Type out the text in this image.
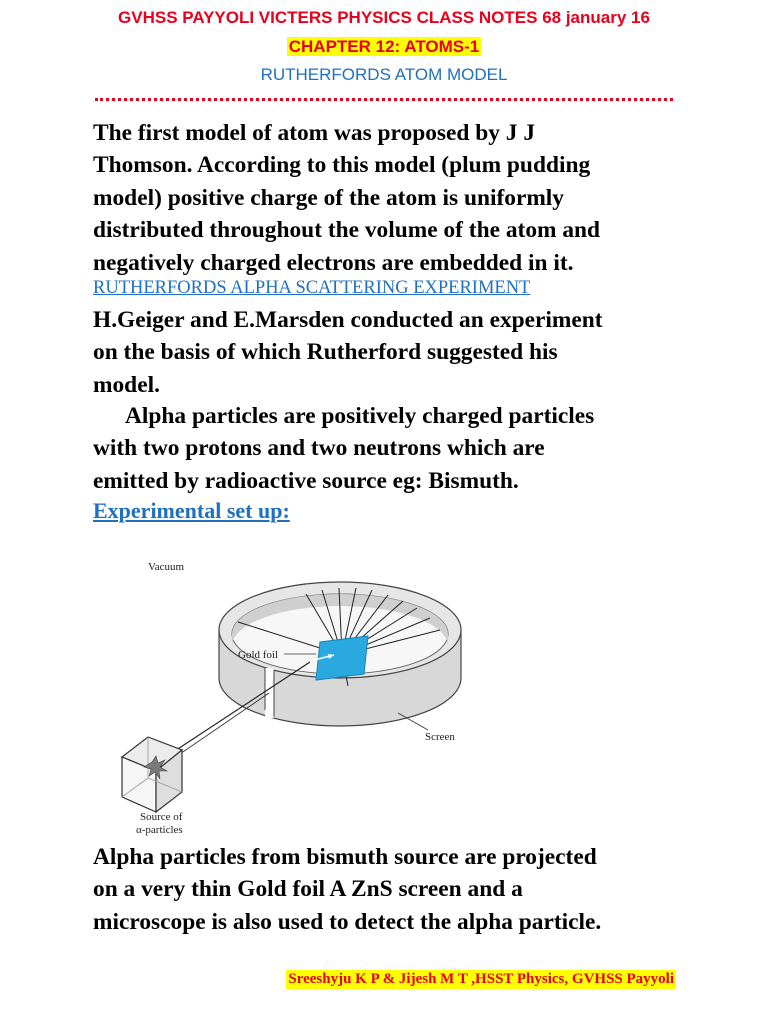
GVHSS PAYYOLI VICTERS PHYSICS CLASS NOTES 68 january 16
CHAPTER 12: ATOMS-1
RUTHERFORDS ATOM MODEL
The first model of atom was proposed by J J
Thomson. According to this model (plum pudding
model) positive charge of the atom is uniformly
distributed throughout the volume of the atom and
negatively charged electrons are embedded in it.
RUTHERFORDS ALPHA SCATTERING EXPERIMENT
H.Geiger and E.Marsden conducted an experiment
on the basis of which Rutherford suggested his
model.
Alpha particles are positively charged particles
with two protons and two neutrons which are
emitted by radioactive source eg: Bismuth.
Experimental set up:
Vacuum
Gold foil
Screen
Source of
α-particles
Alpha particles from bismuth source are projected
on a very thin Gold foil A ZnS screen and a
microscope is also used to detect the alpha particle.
Sreeshyju K P & Jijesh M T ,HSST Physics, GVHSS Payyoli
